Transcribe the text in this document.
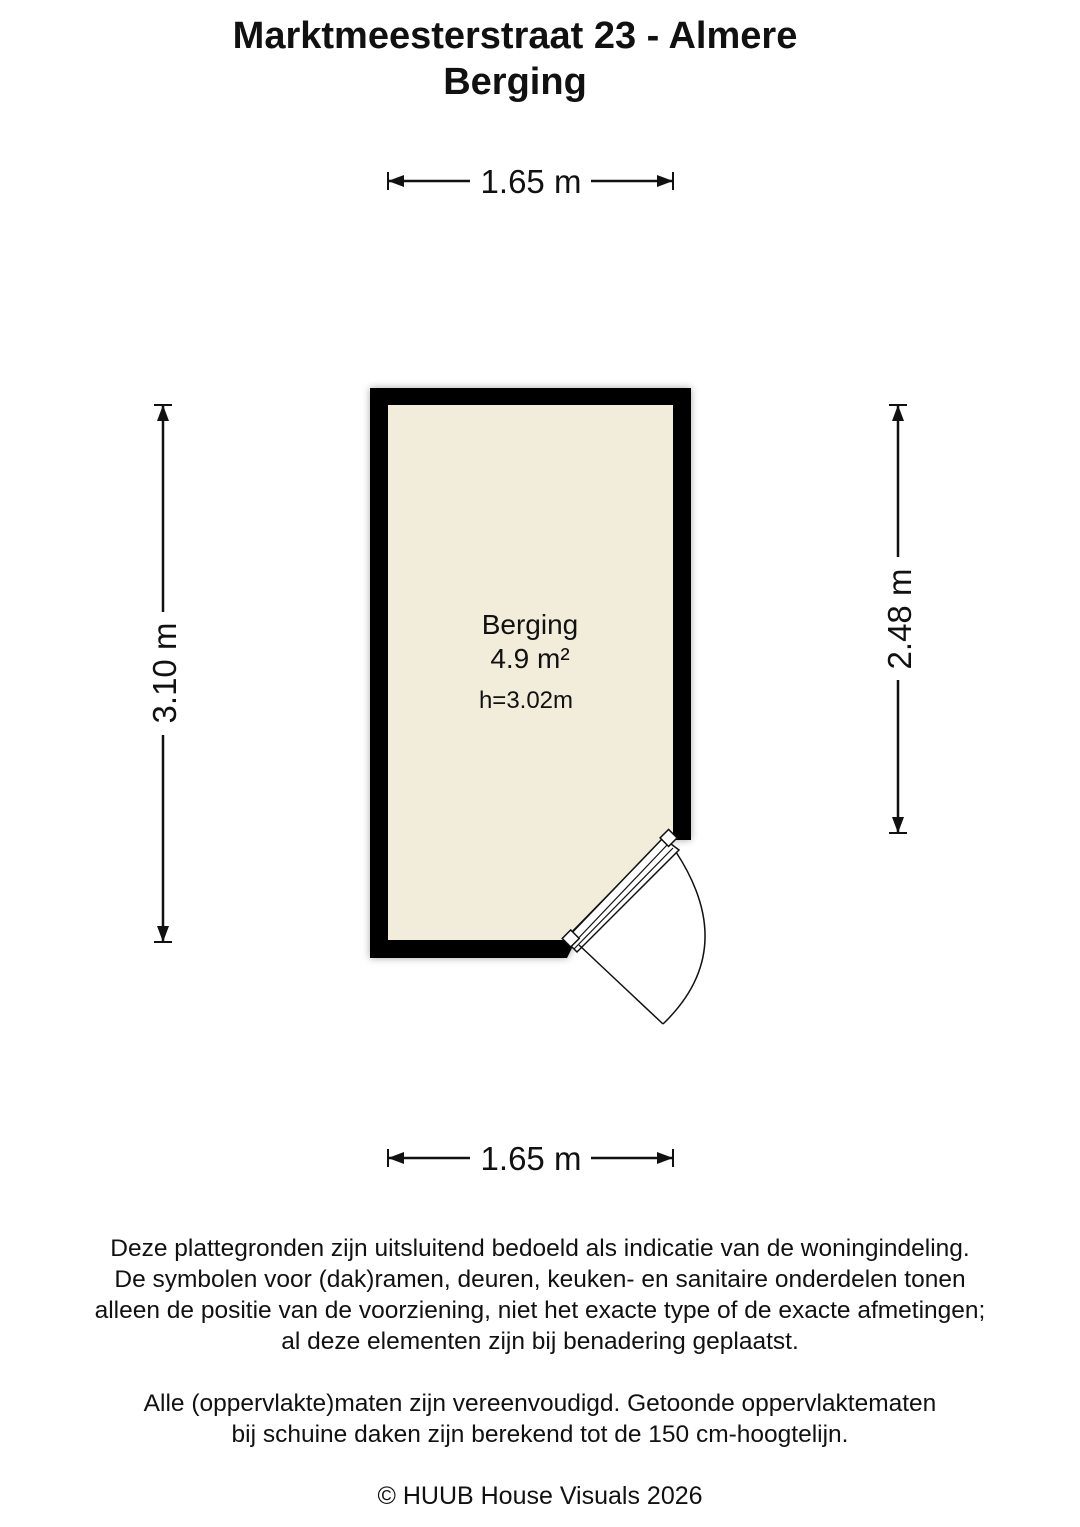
Marktmeesterstraat 23 - Almere
Berging
1.65 m
1.65 m
3.10 m
2.48 m
Berging
4.9 m²
h=3.02m
Deze plattegronden zijn uitsluitend bedoeld als indicatie van de woningindeling.
De symbolen voor (dak)ramen, deuren, keuken- en sanitaire onderdelen tonen
alleen de positie van de voorziening, niet het exacte type of de exacte afmetingen;
al deze elementen zijn bij benadering geplaatst.
Alle (oppervlakte)maten zijn vereenvoudigd. Getoonde oppervlaktematen
bij schuine daken zijn berekend tot de 150 cm-hoogtelijn.
© HUUB House Visuals 2026
